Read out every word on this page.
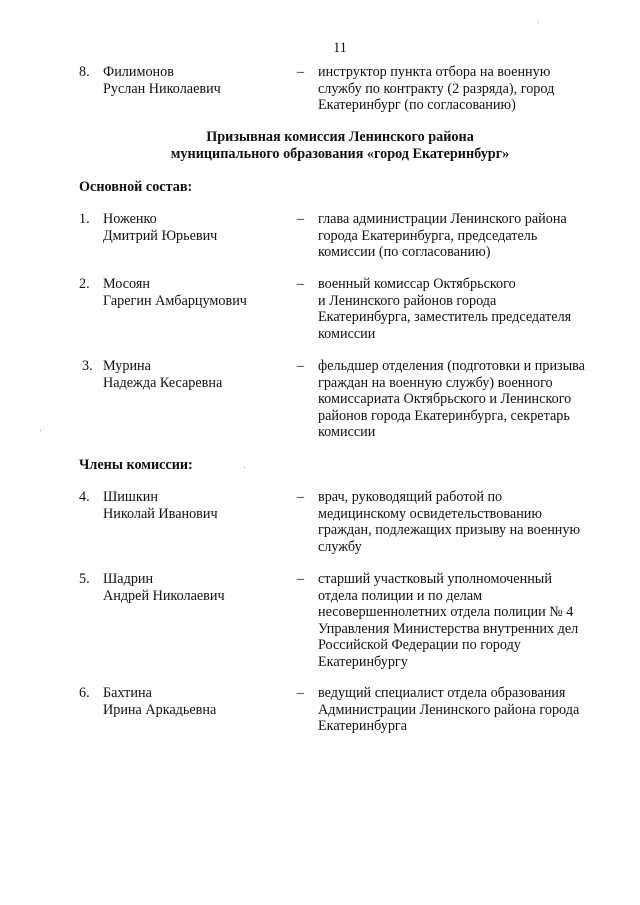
11
8. Филимонов
Руслан Николаевич
– инструктор пункта отбора на военную
службу по контракту (2 разряда), город
Екатеринбург (по согласованию)
Призывная комиссия Ленинского района
муниципального образования «город Екатеринбург»
Основной состав:
1. Ноженко
Дмитрий Юрьевич
– глава администрации Ленинского района
города Екатеринбурга, председатель
комиссии (по согласованию)
2. Мосоян
Гарегин Амбарцумович
– военный комиссар Октябрьского
и Ленинского районов города
Екатеринбурга, заместитель председателя
комиссии
3. Мурина
Надежда Кесаревна
– фельдшер отделения (подготовки и призыва
граждан на военную службу) военного
комиссариата Октябрьского и Ленинского
районов города Екатеринбурга, секретарь
комиссии
Члены комиссии:
4. Шишкин
Николай Иванович
– врач, руководящий работой по
медицинскому освидетельствованию
граждан, подлежащих призыву на военную
службу
5. Шадрин
Андрей Николаевич
– старший участковый уполномоченный
отдела полиции и по делам
несовершеннолетних отдела полиции № 4
Управления Министерства внутренних дел
Российской Федерации по городу
Екатеринбургу
6. Бахтина
Ирина Аркадьевна
– ведущий специалист отдела образования
Администрации Ленинского района города
Екатеринбурга
